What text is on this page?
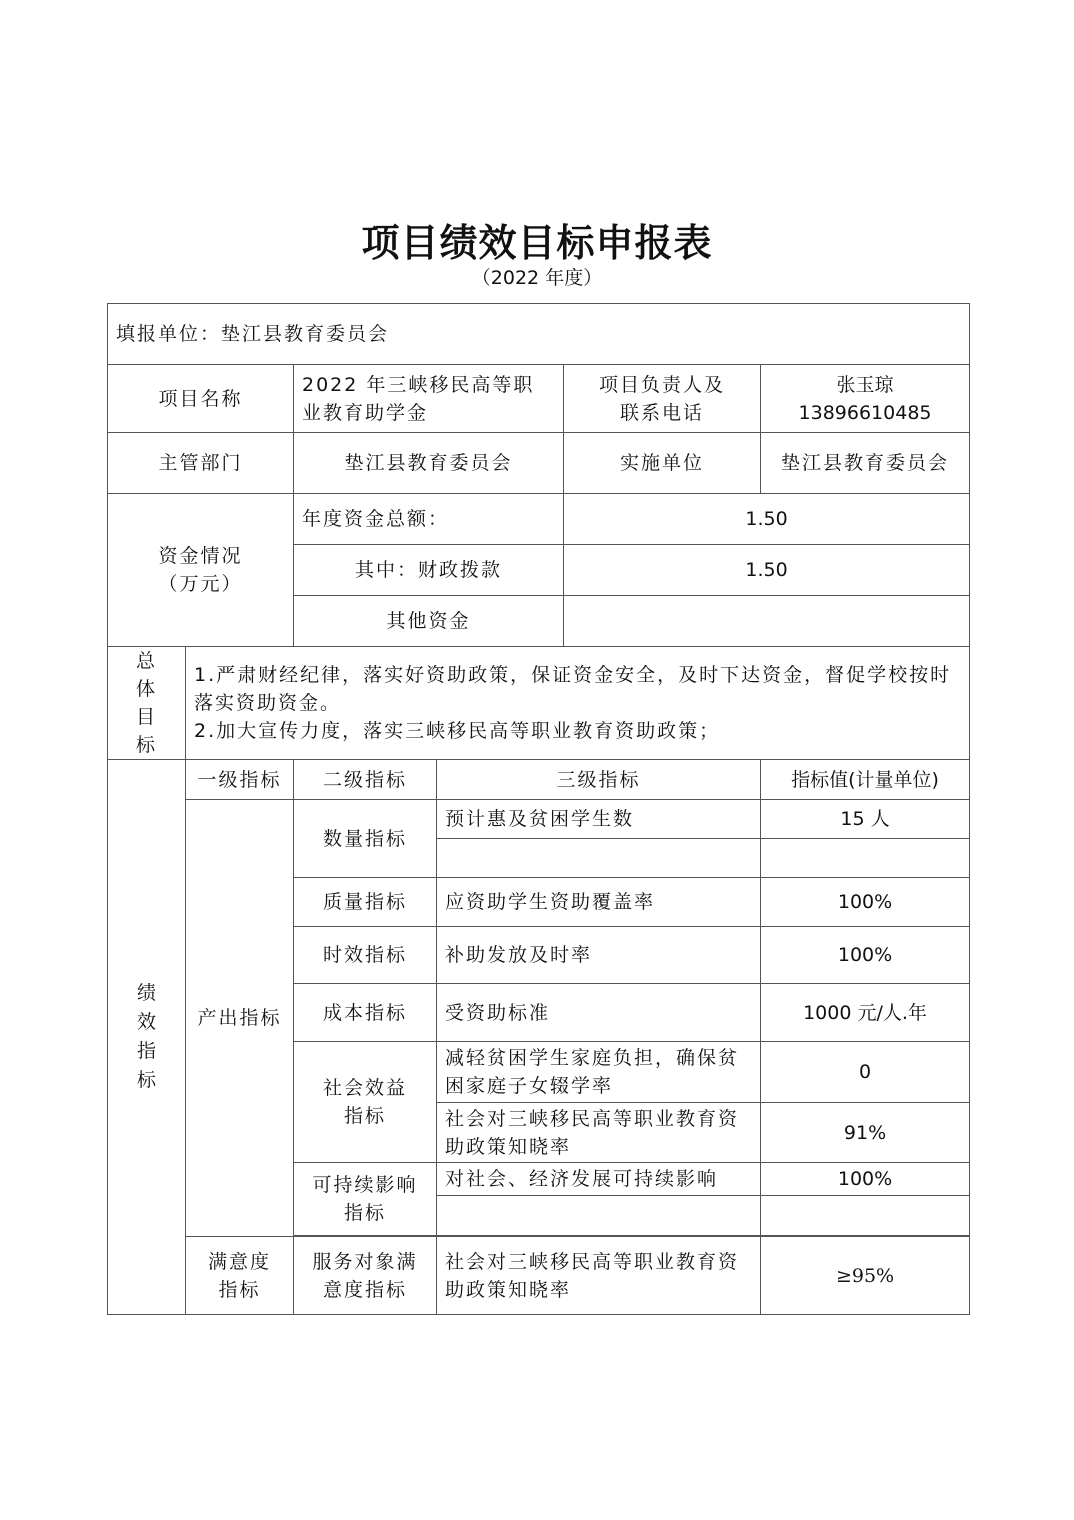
项目绩效目标申报表
（2022 年度）
填报单位：垫江县教育委员会					
项目名称		2022 年三峡移民高等职业教育助学金		项目负责人及联系电话	张玉琼 13896610485
主管部门		垫江县教育委员会		实施单位	垫江县教育委员会
资金情况（万元）		年度资金总额：		1.50	
		其中：财政拨款		1.50	
		其他资金			
总体目标	1.严肃财经纪律，落实好资助政策，保证资金安全，及时下达资金，督促学校按时落实资助资金。
2.加大宣传力度，落实三峡移民高等职业教育资助政策；				

绩效指标	一级指标	二级指标	三级指标		指标值(计量单位)
	产出指标	数量指标	预计惠及贫困学生数		15 人

		质量指标	应资助学生资助覆盖率		100%
		时效指标	补助发放及时率		100%
		成本指标	受资助标准		1000 元/人.年
		社会效益指标	减轻贫困学生家庭负担，确保贫困家庭子女辍学率		0
			社会对三峡移民高等职业教育资助政策知晓率		91%
		可持续影响指标	对社会、经济发展可持续影响		100%

	满意度指标	服务对象满意度指标	社会对三峡移民高等职业教育资助政策知晓率		≥95%
